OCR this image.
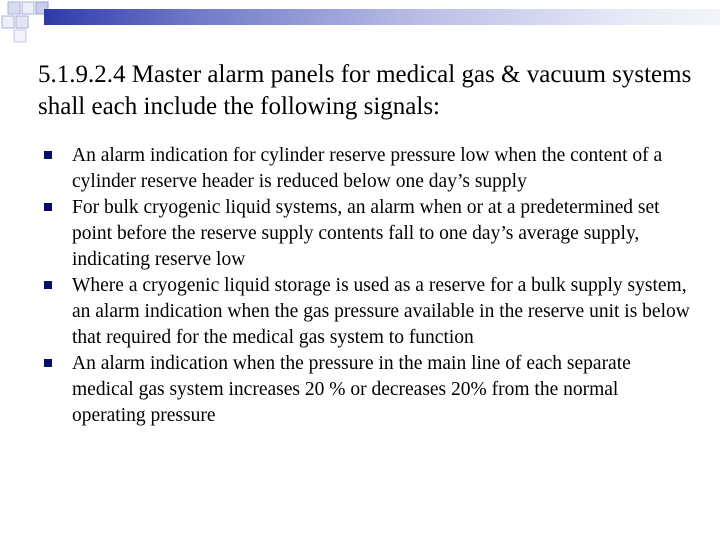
5.1.9.2.4 Master alarm panels for medical gas & vacuum systems shall each include the following signals:
An alarm indication for cylinder reserve pressure low when the content of a cylinder reserve header is reduced below one day’s supply
For bulk cryogenic liquid systems, an alarm when or at a predetermined set point before the reserve supply contents fall to one day’s average supply, indicating reserve low
Where a cryogenic liquid storage is used as a reserve for a bulk supply system, an alarm indication when the gas pressure available in the reserve unit is below that required for the medical gas system to function
An alarm indication when the pressure in the main line of each separate medical gas system increases 20 % or decreases 20% from the normal operating pressure
